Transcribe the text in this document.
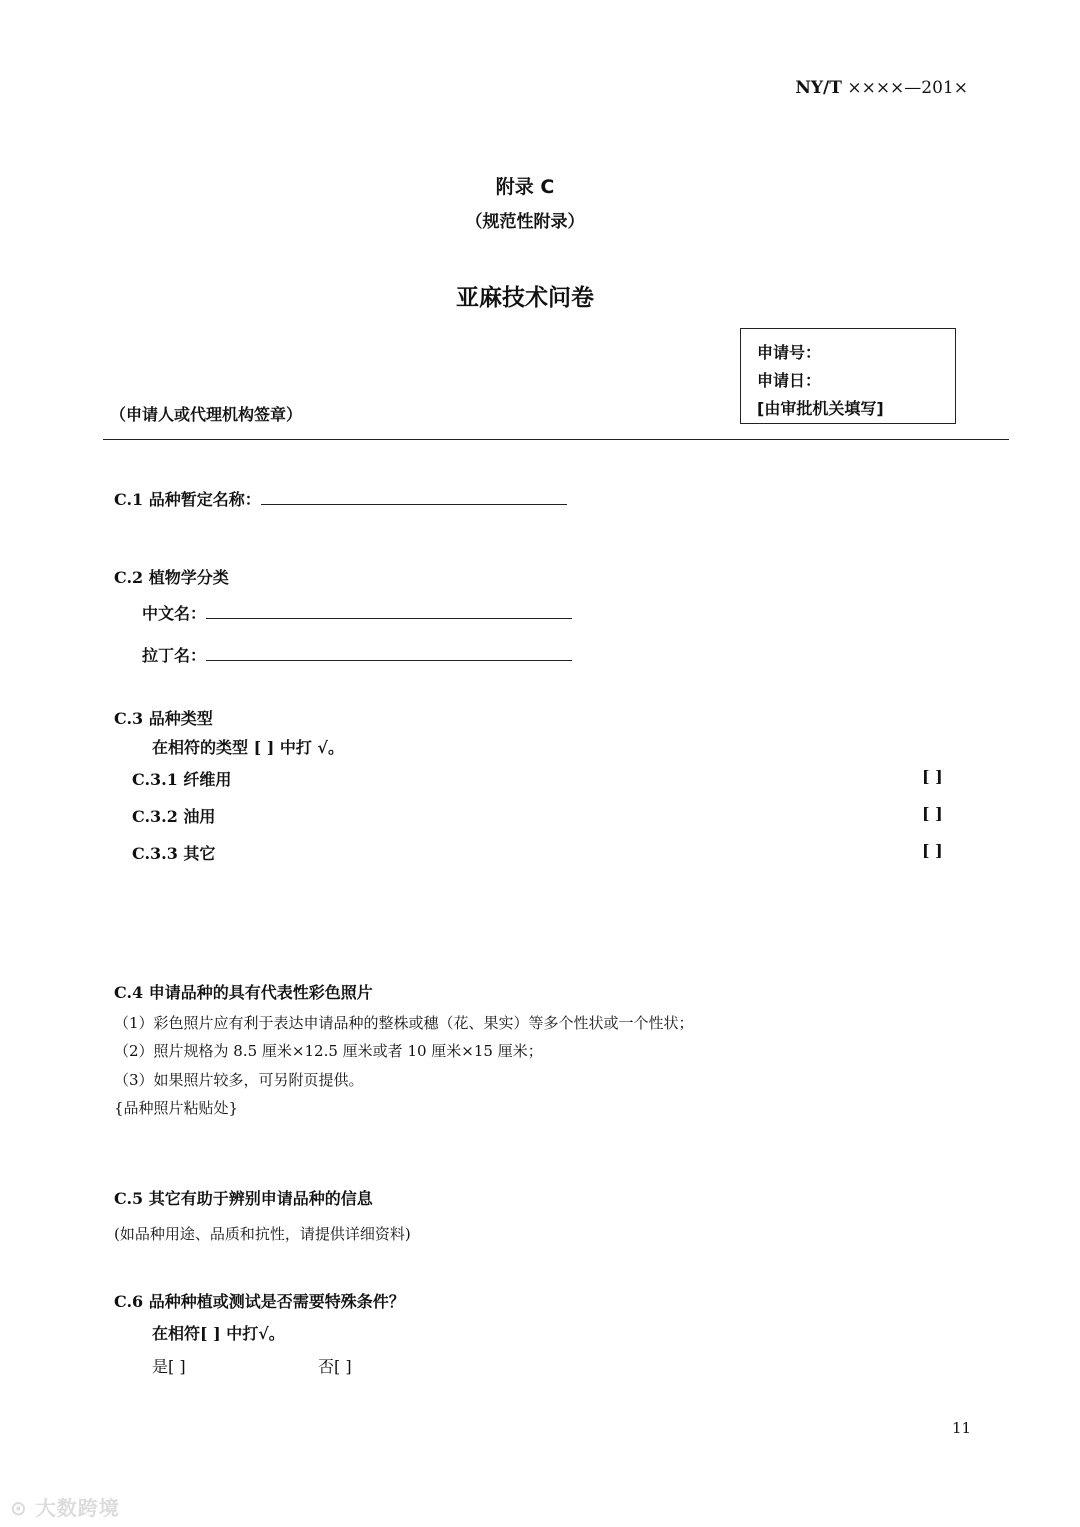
NY/T ××××—201×
附录 C
（规范性附录）
亚麻技术问卷
申请号：
申请日：
[由审批机关填写]
（申请人或代理机构签章）
C.1 品种暂定名称：
C.2 植物学分类
中文名：
拉丁名：
C.3 品种类型
在相符的类型 [ ] 中打 √。
C.3.1 纤维用	[ ]
C.3.2 油用	[ ]
C.3.3 其它	[ ]
C.4 申请品种的具有代表性彩色照片
（1）彩色照片应有利于表达申请品种的整株或穗（花、果实）等多个性状或一个性状；
（2）照片规格为 8.5 厘米×12.5 厘米或者 10 厘米×15 厘米；
（3）如果照片较多，可另附页提供。
{品种照片粘贴处}
C.5 其它有助于辨别申请品种的信息
(如品种用途、品质和抗性，请提供详细资料)
C.6 品种种植或测试是否需要特殊条件？
在相符[ ] 中打√。
是[ ]	否[ ]
11
⊙ 大数跨境
